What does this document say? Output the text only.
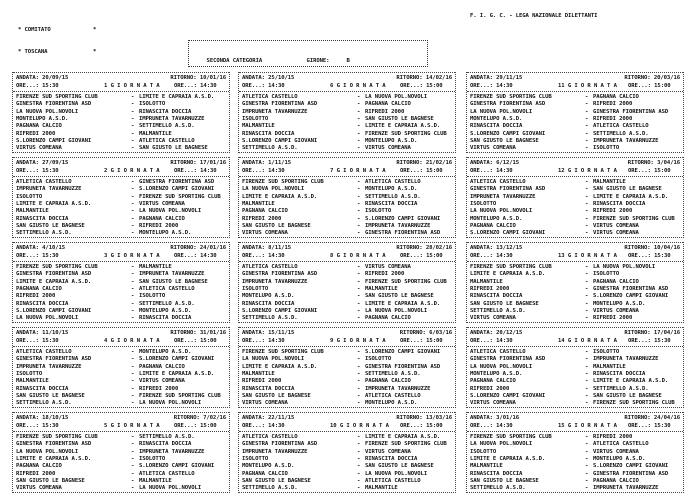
* COMITATO

* TOSCANA

*

*

F. I. G. C. - LEGA NAZIONALE DILETTANTI

SECONDA CATEGORIA	GIRONE:	B

ANDATA: 20/09/15	RITORNO: 10/01/16
ORE...: 15:30	1 G I O R N A T A	ORE...: 14:30
FIRENZE SUD SPORTING CLUB	- LIMITE E CAPRAIA A.S.D.
GINESTRA FIORENTINA ASD	- ISOLOTTO
LA NUOVA POL.NOVOLI	- RINASCITA DOCCIA
MONTELUPO A.S.D.	- IMPRUNETA TAVARNUZZE
PAGNANA CALCIO	- SETTIMELLO A.S.D.
RIFREDI 2000	- MALMANTILE
S.LORENZO CAMPI GIOVANI	- ATLETICA CASTELLO
VIRTUS COMEANA	- SAN GIUSTO LE BAGNESE
ANDATA: 27/09/15	RITORNO: 17/01/16
ORE...: 15:30	2 G I O R N A T A	ORE...: 14:30
ATLETICA CASTELLO	- GINESTRA FIORENTINA ASD
IMPRUNETA TAVARNUZZE	- S.LORENZO CAMPI GIOVANI
ISOLOTTO	- FIRENZE SUD SPORTING CLUB
LIMITE E CAPRAIA A.S.D.	- VIRTUS COMEANA
MALMANTILE	- LA NUOVA POL.NOVOLI
RINASCITA DOCCIA	- PAGNANA CALCIO
SAN GIUSTO LE BAGNESE	- RIFREDI 2000
SETTIMELLO A.S.D.	- MONTELUPO A.S.D.
ANDATA: 4/10/15	RITORNO: 24/01/16
ORE...: 15:30	3 G I O R N A T A	ORE...: 14:30
FIRENZE SUD SPORTING CLUB	- MALMANTILE
GINESTRA FIORENTINA ASD	- IMPRUNETA TAVARNUZZE
LIMITE E CAPRAIA A.S.D.	- SAN GIUSTO LE BAGNESE
PAGNANA CALCIO	- ATLETICA CASTELLO
RIFREDI 2000	- ISOLOTTO
RINASCITA DOCCIA	- SETTIMELLO A.S.D.
S.LORENZO CAMPI GIOVANI	- MONTELUPO A.S.D.
LA NUOVA POL.NOVOLI	- RINASCITA DOCCIA
ANDATA: 11/10/15	RITORNO: 31/01/16
ORE...: 15:30	4 G I O R N A T A	ORE...: 15:00
ATLETICA CASTELLO	- MONTELUPO A.S.D.
GINESTRA FIORENTINA ASD	- S.LORENZO CAMPI GIOVANI
IMPRUNETA TAVARNUZZE	- PAGNANA CALCIO
ISOLOTTO	- LIMITE E CAPRAIA A.S.D.
MALMANTILE	- VIRTUS COMEANA
RINASCITA DOCCIA	- RIFREDI 2000
SAN GIUSTO LE BAGNESE	- FIRENZE SUD SPORTING CLUB
SETTIMELLO A.S.D.	- LA NUOVA POL.NOVOLI
ANDATA: 18/10/15	RITORNO: 7/02/16
ORE...: 15:30	5 G I O R N A T A	ORE...: 15:00
FIRENZE SUD SPORTING CLUB	- SETTIMELLO A.S.D.
GINESTRA FIORENTINA ASD	- RINASCITA DOCCIA
LA NUOVA POL.NOVOLI	- IMPRUNETA TAVARNUZZE
LIMITE E CAPRAIA A.S.D.	- ISOLOTTO
PAGNANA CALCIO	- S.LORENZO CAMPI GIOVANI
RIFREDI 2000	- ATLETICA CASTELLO
SAN GIUSTO LE BAGNESE	- MALMANTILE
VIRTUS COMEANA	- LA NUOVA POL.NOVOLI
ANDATA: 25/10/15	RITORNO: 14/02/16
ORE...: 14:30	6 G I O R N A T A	ORE...: 15:00
ATLETICA CASTELLO	- LA NUOVA POL.NOVOLI
GINESTRA FIORENTINA ASD	- PAGNANA CALCIO
IMPRUNETA TAVARNUZZE	- RIFREDI 2000
ISOLOTTO	- SAN GIUSTO LE BAGNESE
MALMANTILE	- LIMITE E CAPRAIA A.S.D.
RINASCITA DOCCIA	- FIRENZE SUD SPORTING CLUB
S.LORENZO CAMPI GIOVANI	- MONTELUPO A.S.D.
SETTIMELLO A.S.D.	- VIRTUS COMEANA
ANDATA: 1/11/15	RITORNO: 21/02/16
ORE...: 14:30	7 G I O R N A T A	ORE...: 15:00
FIRENZE SUD SPORTING CLUB	- ATLETICA CASTELLO
LA NUOVA POL.NOVOLI	- MONTELUPO A.S.D.
LIMITE E CAPRAIA A.S.D.	- SETTIMELLO A.S.D.
MALMANTILE	- RINASCITA DOCCIA
PAGNANA CALCIO	- ISOLOTTO
RIFREDI 2000	- S.LORENZO CAMPI GIOVANI
SAN GIUSTO LE BAGNESE	- IMPRUNETA TAVARNUZZE
VIRTUS COMEANA	- GINESTRA FIORENTINA ASD
ANDATA: 8/11/15	RITORNO: 28/02/16
ORE...: 14:30	8 G I O R N A T A	ORE...: 15:00
ATLETICA CASTELLO	- VIRTUS COMEANA
GINESTRA FIORENTINA ASD	- RIFREDI 2000
IMPRUNETA TAVARNUZZE	- FIRENZE SUD SPORTING CLUB
ISOLOTTO	- MALMANTILE
MONTELUPO A.S.D.	- SAN GIUSTO LE BAGNESE
RINASCITA DOCCIA	- LIMITE E CAPRAIA A.S.D.
S.LORENZO CAMPI GIOVANI	- LA NUOVA POL.NOVOLI
SETTIMELLO A.S.D.	- PAGNANA CALCIO
ANDATA: 15/11/15	RITORNO: 6/03/16
ORE...: 14:30	9 G I O R N A T A	ORE...: 15:00
FIRENZE SUD SPORTING CLUB	- S.LORENZO CAMPI GIOVANI
LA NUOVA POL.NOVOLI	- ISOLOTTO
LIMITE E CAPRAIA A.S.D.	- GINESTRA FIORENTINA ASD
MALMANTILE	- SETTIMELLO A.S.D.
RIFREDI 2000	- PAGNANA CALCIO
RINASCITA DOCCIA	- IMPRUNETA TAVARNUZZE
SAN GIUSTO LE BAGNESE	- ATLETICA CASTELLO
VIRTUS COMEANA	- MONTELUPO A.S.D.
ANDATA: 22/11/15	RITORNO: 13/03/16
ORE...: 14:30	10 G I O R N A T A	ORE...: 15:00
ATLETICA CASTELLO	- LIMITE E CAPRAIA A.S.D.
GINESTRA FIORENTINA ASD	- FIRENZE SUD SPORTING CLUB
IMPRUNETA TAVARNUZZE	- VIRTUS COMEANA
ISOLOTTO	- RINASCITA DOCCIA
MONTELUPO A.S.D.	- SAN GIUSTO LE BAGNESE
PAGNANA CALCIO	- LA NUOVA POL.NOVOLI
SAN GIUSTO LE BAGNESE	- ATLETICA CASTELLO
SETTIMELLO A.S.D.	- MALMANTILE
ANDATA: 29/11/15	RITORNO: 20/03/16
ORE...: 14:30	11 G I O R N A T A	ORE...: 15:00
FIRENZE SUD SPORTING CLUB	- PAGNANA CALCIO
GINESTRA FIORENTINA ASD	- RIFREDI 2000
LA NUOVA POL.NOVOLI	- GINESTRA FIORENTINA ASD
MONTELUPO A.S.D.	- RIFREDI 2000
RINASCITA DOCCIA	- ATLETICA CASTELLO
S.LORENZO CAMPI GIOVANI	- SETTIMELLO A.S.D.
SAN GIUSTO LE BAGNESE	- IMPRUNETA TAVARNUZZE
VIRTUS COMEANA	- ISOLOTTO
ANDATA: 6/12/15	RITORNO: 3/04/16
ORE...: 14:30	12 G I O R N A T A	ORE...: 15:00
ATLETICA CASTELLO	- MALMANTILE
GINESTRA FIORENTINA ASD	- SAN GIUSTO LE BAGNESE
IMPRUNETA TAVARNUZZE	- LIMITE E CAPRAIA A.S.D.
ISOLOTTO	- RINASCITA DOCCIA
LA NUOVA POL.NOVOLI	- RIFREDI 2000
MONTELUPO A.S.D.	- FIRENZE SUD SPORTING CLUB
PAGNANA CALCIO	- VIRTUS COMEANA
S.LORENZO CAMPI GIOVANI	- VIRTUS COMEANA
ANDATA: 13/12/15	RITORNO: 10/04/16
ORE...: 14:30	13 G I O R N A T A	ORE...: 15:30
FIRENZE SUD SPORTING CLUB	- LA NUOVA POL.NOVOLI
LIMITE E CAPRAIA A.S.D.	- ISOLOTTO
MALMANTILE	- PAGNANA CALCIO
RIFREDI 2000	- GINESTRA FIORENTINA ASD
RINASCITA DOCCIA	- S.LORENZO CAMPI GIOVANI
SAN GIUSTO LE BAGNESE	- MONTELUPO A.S.D.
SETTIMELLO A.S.D.	- VIRTUS COMEANA
VIRTUS COMEANA	- RIFREDI 2000
ANDATA: 20/12/15	RITORNO: 17/04/16
ORE...: 14:30	14 G I O R N A T A	ORE...: 15:30
ATLETICA CASTELLO	- ISOLOTTO
GINESTRA FIORENTINA ASD	- IMPRUNETA TAVARNUZZE
LA NUOVA POL.NOVOLI	- MALMANTILE
MONTELUPO A.S.D.	- RINASCITA DOCCIA
PAGNANA CALCIO	- LIMITE E CAPRAIA A.S.D.
RIFREDI 2000	- SETTIMELLO A.S.D.
S.LORENZO CAMPI GIOVANI	- SAN GIUSTO LE BAGNESE
VIRTUS COMEANA	- FIRENZE SUD SPORTING CLUB
ANDATA: 3/01/16	RITORNO: 24/04/16
ORE...: 14:30	15 G I O R N A T A	ORE...: 15:30
FIRENZE SUD SPORTING CLUB	- RIFREDI 2000
LA NUOVA POL.NOVOLI	- ATLETICA CASTELLO
ISOLOTTO	- VIRTUS COMEANA
LIMITE E CAPRAIA A.S.D.	- MONTELUPO A.S.D.
MALMANTILE	- S.LORENZO CAMPI GIOVANI
RINASCITA DOCCIA	- GINESTRA FIORENTINA ASD
SAN GIUSTO LE BAGNESE	- PAGNANA CALCIO
SETTIMELLO A.S.D.	- IMPRUNETA TAVARNUZZE
